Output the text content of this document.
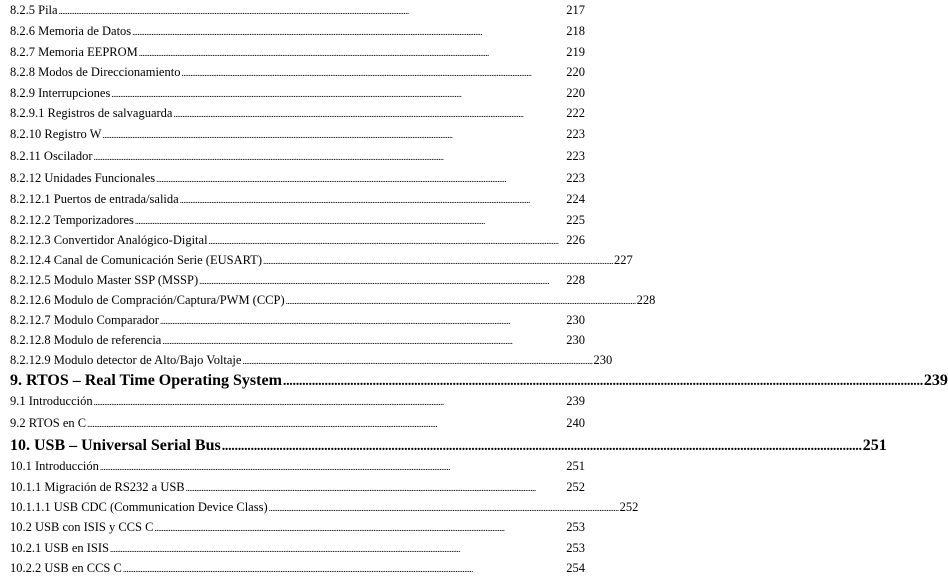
8.2.5 Pila ........................................................................................................................................................................................................	217
8.2.6 Memoria de Datos ........................................................................................................................................................................................................	218
8.2.7 Memoria EEPROM ........................................................................................................................................................................................................	219
8.2.8 Modos de Direccionamiento ........................................................................................................................................................................................................	220
8.2.9 Interrupciones ........................................................................................................................................................................................................	220
8.2.9.1 Registros de salvaguarda ........................................................................................................................................................................................................	222
8.2.10 Registro W ........................................................................................................................................................................................................	223
8.2.11 Oscilador ........................................................................................................................................................................................................	223
8.2.12 Unidades Funcionales ........................................................................................................................................................................................................	223
8.2.12.1 Puertos de entrada/salida ........................................................................................................................................................................................................	224
8.2.12.2 Temporizadores ........................................................................................................................................................................................................	225
8.2.12.3 Convertidor Analógico-Digital ........................................................................................................................................................................................................ 226
8.2.12.4 Canal de Comunicación Serie (EUSART) ........................................................................................................................................................................................................ 227
8.2.12.5 Modulo Master SSP (MSSP) ........................................................................................................................................................................................................	228
8.2.12.6 Modulo de Compración/Captura/PWM (CCP) ........................................................................................................................................................................................................ 228
8.2.12.7 Modulo Comparador ........................................................................................................................................................................................................	230
8.2.12.8 Modulo de referencia ........................................................................................................................................................................................................	230
8.2.12.9 Modulo detector de Alto/Bajo Voltaje ........................................................................................................................................................................................................ 230
9. RTOS – Real Time Operating System ........................................................................................................................................................................................................ 239
9.1 Introducción ........................................................................................................................................................................................................	239
9.2 RTOS en C ........................................................................................................................................................................................................	240
10. USB – Universal Serial Bus ........................................................................................................................................................................................................ 251
10.1 Introducción ........................................................................................................................................................................................................	251
10.1.1 Migración de RS232 a USB ........................................................................................................................................................................................................	252
10.1.1.1 USB CDC (Communication Device Class) ........................................................................................................................................................................................................ 252
10.2 USB con ISIS y CCS C ........................................................................................................................................................................................................	253
10.2.1 USB en ISIS ........................................................................................................................................................................................................	253
10.2.2 USB en CCS C ........................................................................................................................................................................................................	254
